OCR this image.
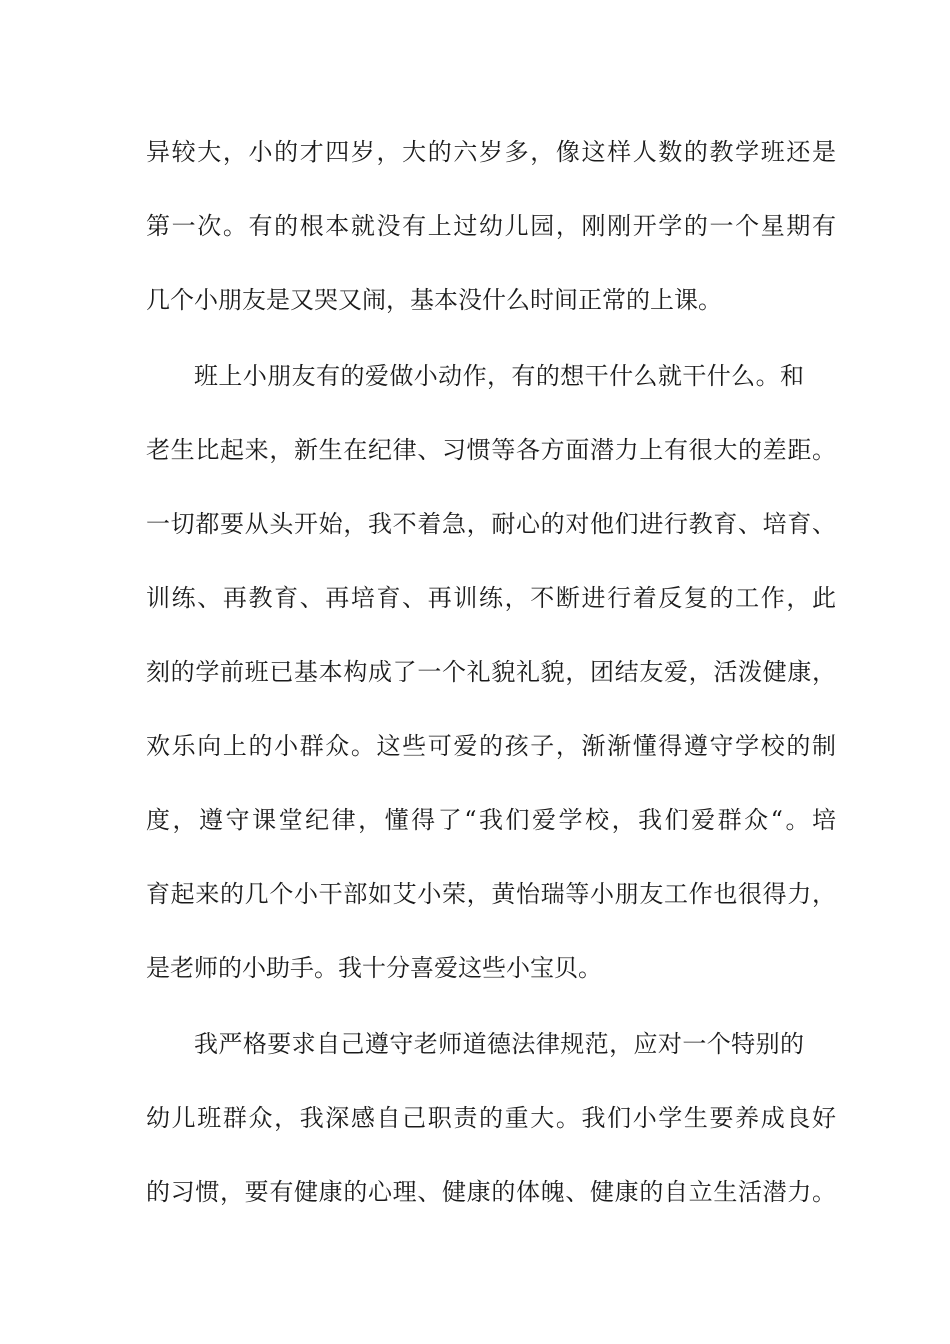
异较大，小的才四岁，大的六岁多，像这样人数的教学班还是
第一次。有的根本就没有上过幼儿园，刚刚开学的一个星期有
几个小朋友是又哭又闹，基本没什么时间正常的上课。
班上小朋友有的爱做小动作，有的想干什么就干什么。和
老生比起来，新生在纪律、习惯等各方面潜力上有很大的差距。
一切都要从头开始，我不着急，耐心的对他们进行教育、培育、
训练、再教育、再培育、再训练，不断进行着反复的工作，此
刻的学前班已基本构成了一个礼貌礼貌，团结友爱，活泼健康，
欢乐向上的小群众。这些可爱的孩子，渐渐懂得遵守学校的制
度，遵守课堂纪律，懂得了“我们爱学校，我们爱群众“。培
育起来的几个小干部如艾小荣，黄怡瑞等小朋友工作也很得力，
是老师的小助手。我十分喜爱这些小宝贝。
我严格要求自己遵守老师道德法律规范，应对一个特别的
幼儿班群众，我深感自己职责的重大。我们小学生要养成良好
的习惯，要有健康的心理、健康的体魄、健康的自立生活潜力。
